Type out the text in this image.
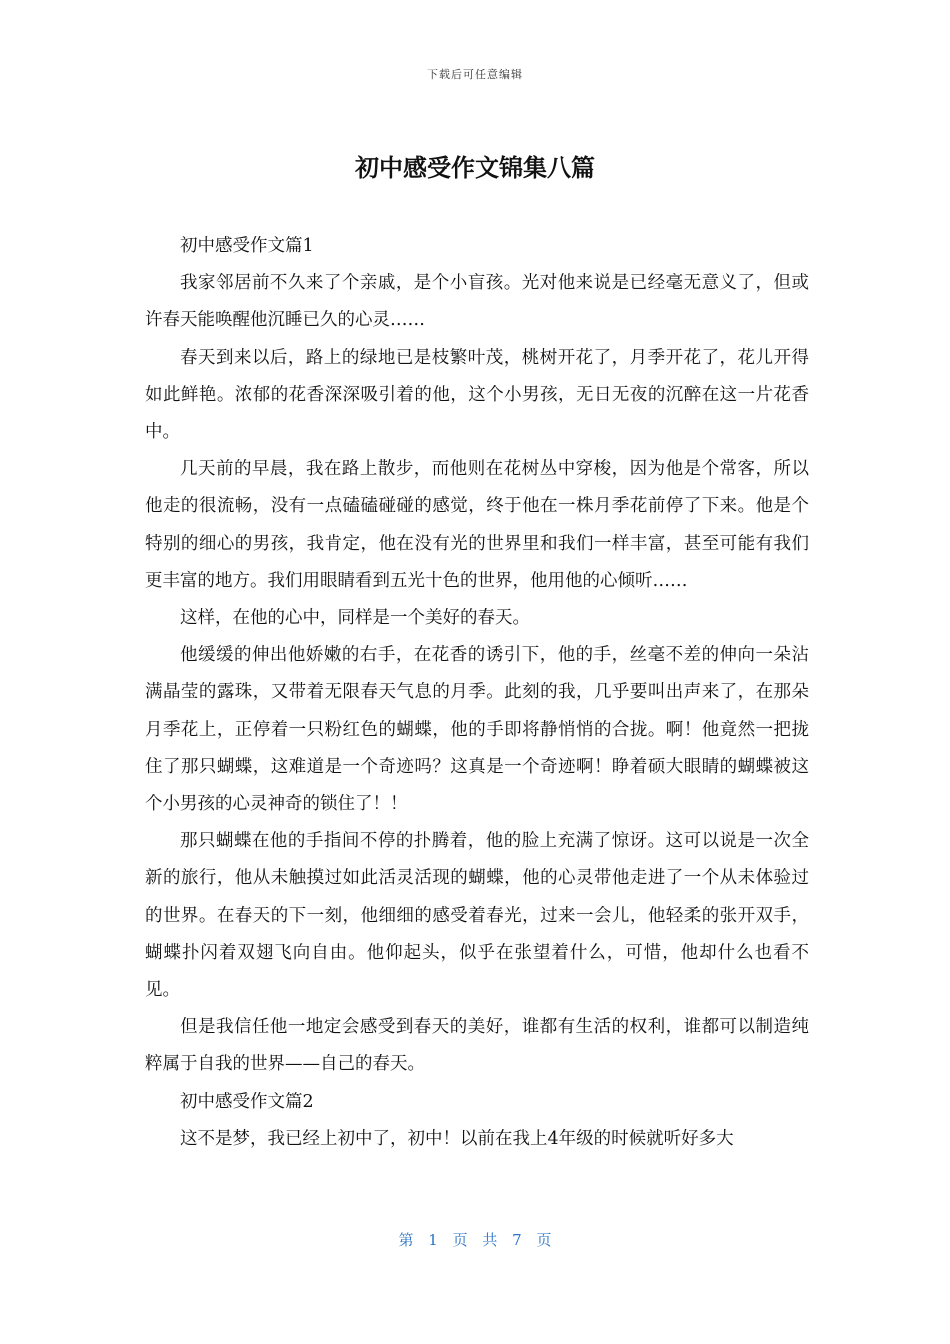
下载后可任意编辑
初中感受作文锦集八篇

初中感受作文篇1

我家邻居前不久来了个亲戚，是个小盲孩。光对他来说是已经毫无意义了，但或许春天能唤醒他沉睡已久的心灵……

春天到来以后，路上的绿地已是枝繁叶茂，桃树开花了，月季开花了，花儿开得如此鲜艳。浓郁的花香深深吸引着的他，这个小男孩，无日无夜的沉醉在这一片花香中。

几天前的早晨，我在路上散步，而他则在花树丛中穿梭，因为他是个常客，所以他走的很流畅，没有一点磕磕碰碰的感觉，终于他在一株月季花前停了下来。他是个特别的细心的男孩，我肯定，他在没有光的世界里和我们一样丰富，甚至可能有我们更丰富的地方。我们用眼睛看到五光十色的世界，他用他的心倾听……

这样，在他的心中，同样是一个美好的春天。

他缓缓的伸出他娇嫩的右手，在花香的诱引下，他的手，丝毫不差的伸向一朵沾满晶莹的露珠，又带着无限春天气息的月季。此刻的我，几乎要叫出声来了，在那朵月季花上，正停着一只粉红色的蝴蝶，他的手即将静悄悄的合拢。啊！他竟然一把拢住了那只蝴蝶，这难道是一个奇迹吗？这真是一个奇迹啊！睁着硕大眼睛的蝴蝶被这个小男孩的心灵神奇的锁住了！！

那只蝴蝶在他的手指间不停的扑腾着，他的脸上充满了惊讶。这可以说是一次全新的旅行，他从未触摸过如此活灵活现的蝴蝶，他的心灵带他走进了一个从未体验过的世界。在春天的下一刻，他细细的感受着春光，过来一会儿，他轻柔的张开双手，蝴蝶扑闪着双翅飞向自由。他仰起头，似乎在张望着什么，可惜，他却什么也看不见。

但是我信任他一地定会感受到春天的美好，谁都有生活的权利，谁都可以制造纯粹属于自我的世界——自己的春天。

初中感受作文篇2

这不是梦，我已经上初中了，初中！以前在我上4年级的时候就听好多大

第 1 页 共 7 页
